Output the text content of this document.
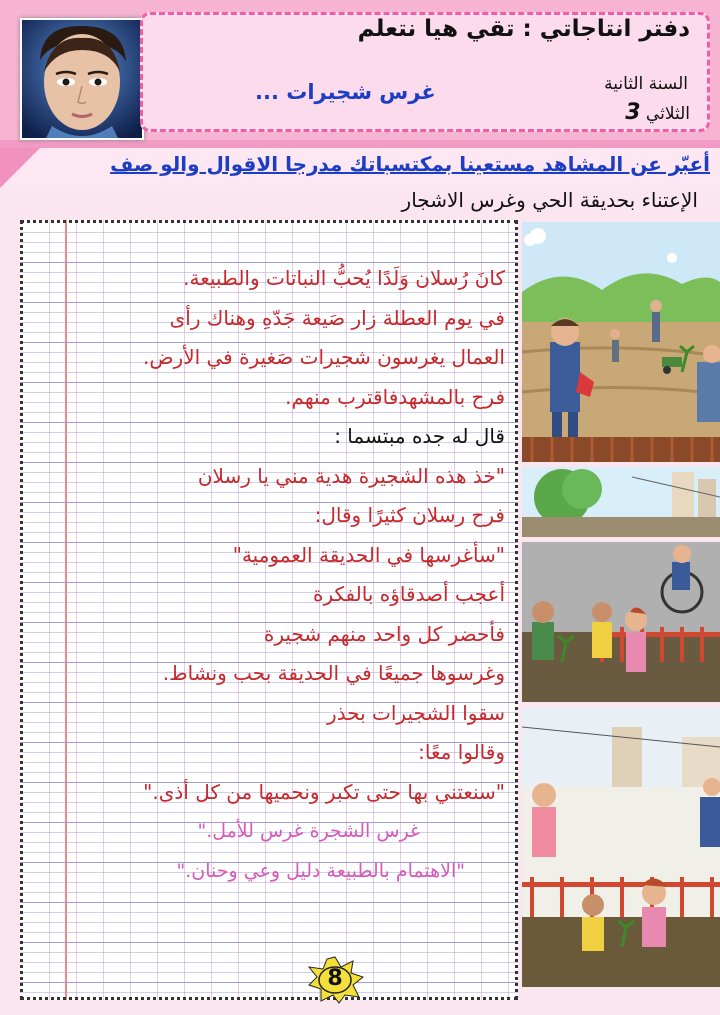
دفتر انتاجاتي : تقي هيا نتعلم
غرس شجيرات ...	السنة الثانية
الثلاثي 3
أعبّر عن المشاهد مستعينا بمكتسباتك مدرجا الاقوال والو صف
الإعتناء بحديقة الحي وغرس الاشجار
كانَ رُسلان وَلَدًا يُحبُّ النباتات والطبيعة.
في يوم العطلة زار صَيعة جَدّهِ وهناك رأى
العمال يغرسون شجيرات صَغيرة في الأرض.
فرح بالمشهدفاقترب منهم.
قال له جده مبتسما :
"خذ هذه الشجيرة هدية مني يا رسلان
فرح رسلان كثيرًا وقال:
"سأغرسها في الحديقة العمومية"
أعجب أصدقاؤه بالفكرة
فأحضر كل واحد منهم شجيرة
وغرسوها جميعًا في الحديقة بحب ونشاط.
سقوا الشجيرات بحذر
وقالوا معًا:
"سنعتني بها حتى تكبر ونحميها من كل أذى."
غرس الشجرة غرس للأمل."
"الاهتمام بالطبيعة دليل وعي وحنان."
8
